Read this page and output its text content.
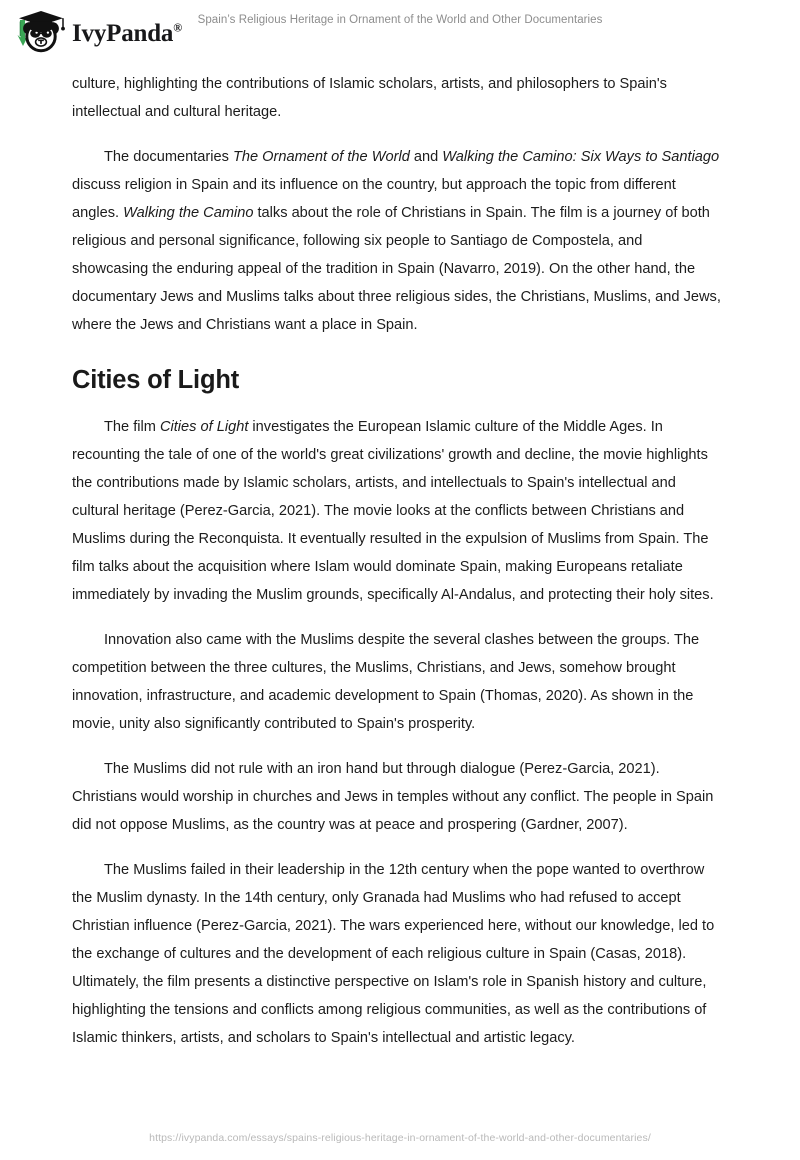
IvyPanda®
Spain’s Religious Heritage in Ornament of the World and Other Documentaries

culture, highlighting the contributions of Islamic scholars, artists, and philosophers to Spain's intellectual and cultural heritage.

The documentaries The Ornament of the World and Walking the Camino: Six Ways to Santiago discuss religion in Spain and its influence on the country, but approach the topic from different angles. Walking the Camino talks about the role of Christians in Spain. The film is a journey of both religious and personal significance, following six people to Santiago de Compostela, and showcasing the enduring appeal of the tradition in Spain (Navarro, 2019). On the other hand, the documentary Jews and Muslims talks about three religious sides, the Christians, Muslims, and Jews, where the Jews and Christians want a place in Spain.

Cities of Light

The film Cities of Light investigates the European Islamic culture of the Middle Ages. In recounting the tale of one of the world's great civilizations' growth and decline, the movie highlights the contributions made by Islamic scholars, artists, and intellectuals to Spain's intellectual and cultural heritage (Perez-Garcia, 2021). The movie looks at the conflicts between Christians and Muslims during the Reconquista. It eventually resulted in the expulsion of Muslims from Spain. The film talks about the acquisition where Islam would dominate Spain, making Europeans retaliate immediately by invading the Muslim grounds, specifically Al-Andalus, and protecting their holy sites.

Innovation also came with the Muslims despite the several clashes between the groups. The competition between the three cultures, the Muslims, Christians, and Jews, somehow brought innovation, infrastructure, and academic development to Spain (Thomas, 2020). As shown in the movie, unity also significantly contributed to Spain's prosperity.

The Muslims did not rule with an iron hand but through dialogue (Perez-Garcia, 2021). Christians would worship in churches and Jews in temples without any conflict. The people in Spain did not oppose Muslims, as the country was at peace and prospering (Gardner, 2007).

The Muslims failed in their leadership in the 12th century when the pope wanted to overthrow the Muslim dynasty. In the 14th century, only Granada had Muslims who had refused to accept Christian influence (Perez-Garcia, 2021). The wars experienced here, without our knowledge, led to the exchange of cultures and the development of each religious culture in Spain (Casas, 2018). Ultimately, the film presents a distinctive perspective on Islam's role in Spanish history and culture, highlighting the tensions and conflicts among religious communities, as well as the contributions of Islamic thinkers, artists, and scholars to Spain's intellectual and artistic legacy.

https://ivypanda.com/essays/spains-religious-heritage-in-ornament-of-the-world-and-other-documentaries/
